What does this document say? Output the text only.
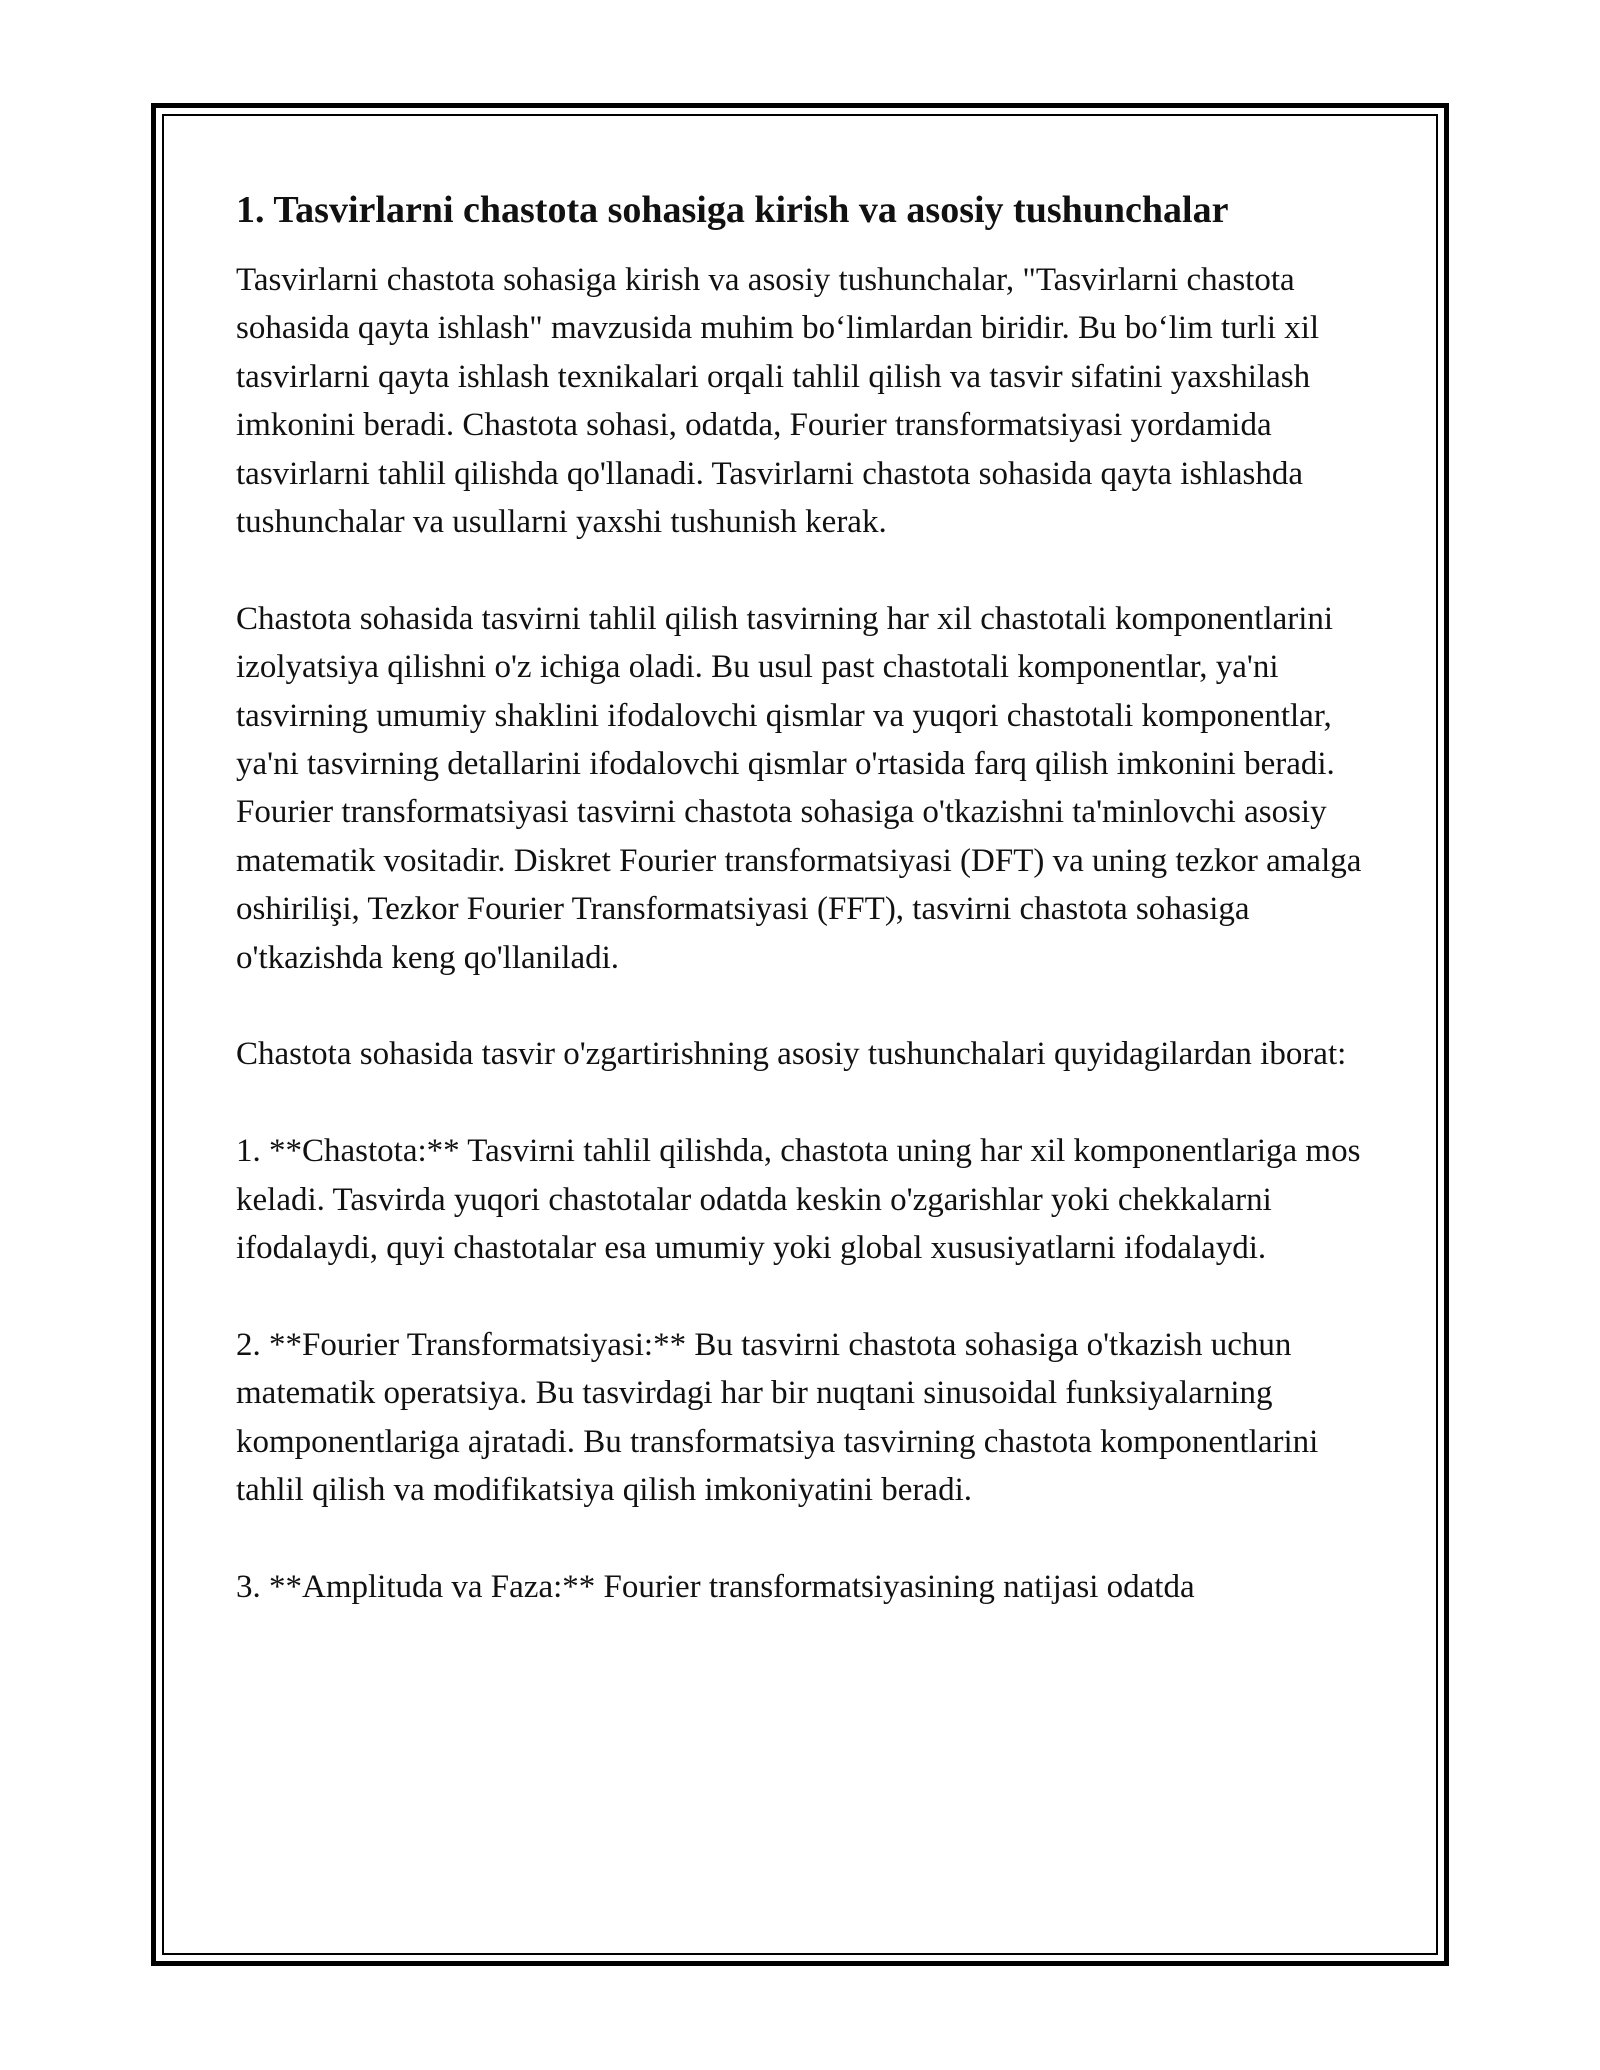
1. Tasvirlarni chastota sohasiga kirish va asosiy tushunchalar

Tasvirlarni chastota sohasiga kirish va asosiy tushunchalar, "Tasvirlarni chastota sohasida qayta ishlash" mavzusida muhim boʻlimlardan biridir. Bu boʻlim turli xil tasvirlarni qayta ishlash texnikalari orqali tahlil qilish va tasvir sifatini yaxshilash imkonini beradi. Chastota sohasi, odatda, Fourier transformatsiyasi yordamida tasvirlarni tahlil qilishda qo'llanadi. Tasvirlarni chastota sohasida qayta ishlashda tushunchalar va usullarni yaxshi tushunish kerak.

Chastota sohasida tasvirni tahlil qilish tasvirning har xil chastotali komponentlarini izolyatsiya qilishni o'z ichiga oladi. Bu usul past chastotali komponentlar, ya'ni tasvirning umumiy shaklini ifodalovchi qismlar va yuqori chastotali komponentlar, ya'ni tasvirning detallarini ifodalovchi qismlar o'rtasida farq qilish imkonini beradi. Fourier transformatsiyasi tasvirni chastota sohasiga o'tkazishni ta'minlovchi asosiy matematik vositadir. Diskret Fourier transformatsiyasi (DFT) va uning tezkor amalga oshirilişi, Tezkor Fourier Transformatsiyasi (FFT), tasvirni chastota sohasiga o'tkazishda keng qo'llaniladi.

Chastota sohasida tasvir o'zgartirishning asosiy tushunchalari quyidagilardan iborat:

1. **Chastota:** Tasvirni tahlil qilishda, chastota uning har xil komponentlariga mos keladi. Tasvirda yuqori chastotalar odatda keskin o'zgarishlar yoki chekkalarni ifodalaydi, quyi chastotalar esa umumiy yoki global xususiyatlarni ifodalaydi.

2. **Fourier Transformatsiyasi:** Bu tasvirni chastota sohasiga o'tkazish uchun matematik operatsiya. Bu tasvirdagi har bir nuqtani sinusoidal funksiyalarning komponentlariga ajratadi. Bu transformatsiya tasvirning chastota komponentlarini tahlil qilish va modifikatsiya qilish imkoniyatini beradi.

3. **Amplituda va Faza:** Fourier transformatsiyasining natijasi odatda
